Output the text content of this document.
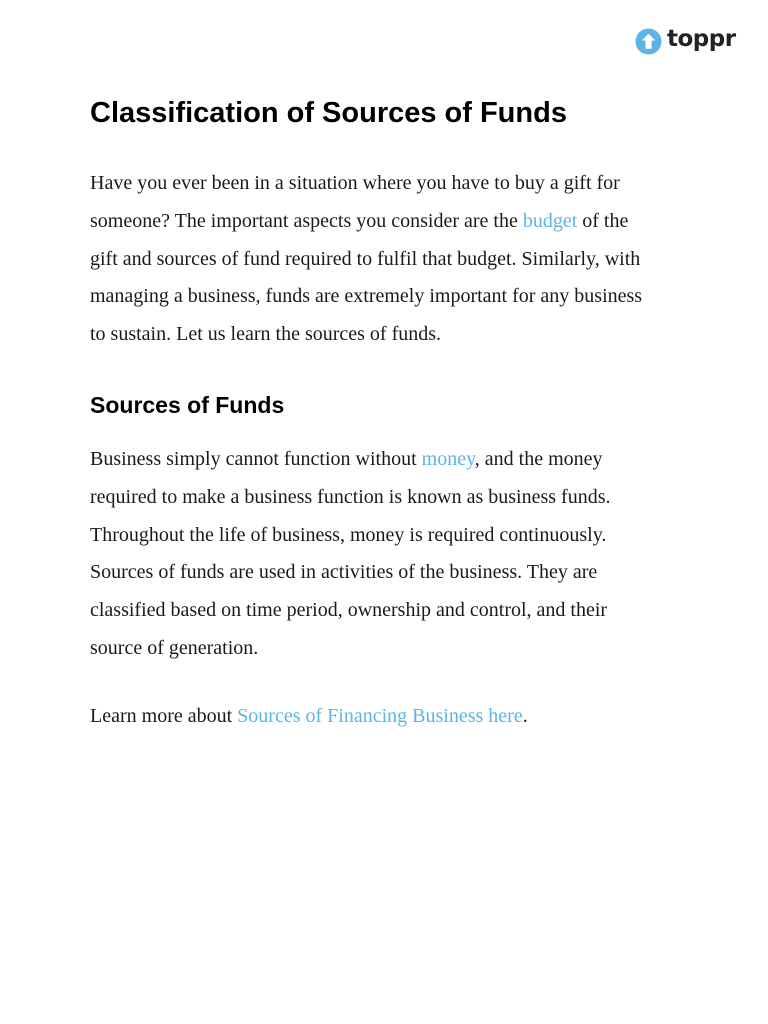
toppr
Classification of Sources of Funds
Have you ever been in a situation where you have to buy a gift for
someone? The important aspects you consider are the budget of the
gift and sources of fund required to fulfil that budget. Similarly, with
managing a business, funds are extremely important for any business
to sustain. Let us learn the sources of funds.
Sources of Funds
Business simply cannot function without money, and the money
required to make a business function is known as business funds.
Throughout the life of business, money is required continuously.
Sources of funds are used in activities of the business. They are
classified based on time period, ownership and control, and their
source of generation.
Learn more about Sources of Financing Business here.
